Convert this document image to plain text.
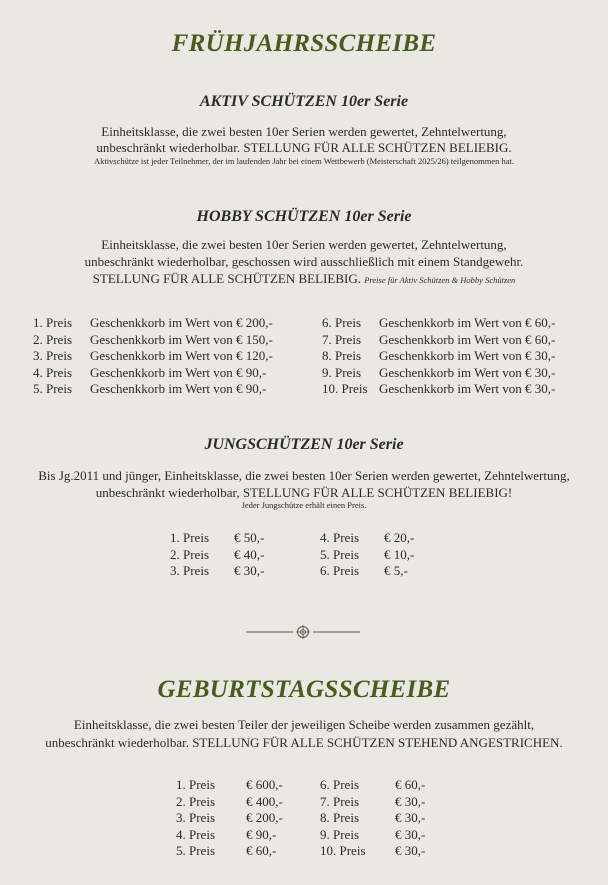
FRÜHJAHRSSCHEIBE
AKTIV SCHÜTZEN 10er Serie
Einheitsklasse, die zwei besten 10er Serien werden gewertet, Zehntelwertung,
unbeschränkt wiederholbar. STELLUNG FÜR ALLE SCHÜTZEN BELIEBIG.
Aktivschütze ist jeder Teilnehmer, der im laufenden Jahr bei einem Wettbewerb (Meisterschaft 2025/26) teilgenommen hat.
HOBBY SCHÜTZEN 10er Serie
Einheitsklasse, die zwei besten 10er Serien werden gewertet, Zehntelwertung,
unbeschränkt wiederholbar, geschossen wird ausschließlich mit einem Standgewehr.
STELLUNG FÜR ALLE SCHÜTZEN BELIEBIG. Preise für Aktiv Schützen & Hobby Schützen
1. Preis	Geschenkkorb im Wert von € 200,-
2. Preis	Geschenkkorb im Wert von € 150,-
3. Preis	Geschenkkorb im Wert von € 120,-
4. Preis	Geschenkkorb im Wert von € 90,-
5. Preis	Geschenkkorb im Wert von € 90,-
6. Preis	Geschenkkorb im Wert von € 60,-
7. Preis	Geschenkkorb im Wert von € 60,-
8. Preis	Geschenkkorb im Wert von € 30,-
9. Preis	Geschenkkorb im Wert von € 30,-
10. Preis	Geschenkkorb im Wert von € 30,-
JUNGSCHÜTZEN 10er Serie
Bis Jg.2011 und jünger, Einheitsklasse, die zwei besten 10er Serien werden gewertet, Zehntelwertung,
unbeschränkt wiederholbar, STELLUNG FÜR ALLE SCHÜTZEN BELIEBIG!
Jeder Jungschütze erhält einen Preis.
1. Preis	€ 50,-
2. Preis	€ 40,-
3. Preis	€ 30,-
4. Preis	€ 20,-
5. Preis	€ 10,-
6. Preis	€ 5,-
GEBURTSTAGSSCHEIBE
Einheitsklasse, die zwei besten Teiler der jeweiligen Scheibe werden zusammen gezählt,
unbeschränkt wiederholbar. STELLUNG FÜR ALLE SCHÜTZEN STEHEND ANGESTRICHEN.
1. Preis	€ 600,-
2. Preis	€ 400,-
3. Preis	€ 200,-
4. Preis	€ 90,-
5. Preis	€ 60,-
6. Preis	€ 60,-
7. Preis	€ 30,-
8. Preis	€ 30,-
9. Preis	€ 30,-
10. Preis	€ 30,-
